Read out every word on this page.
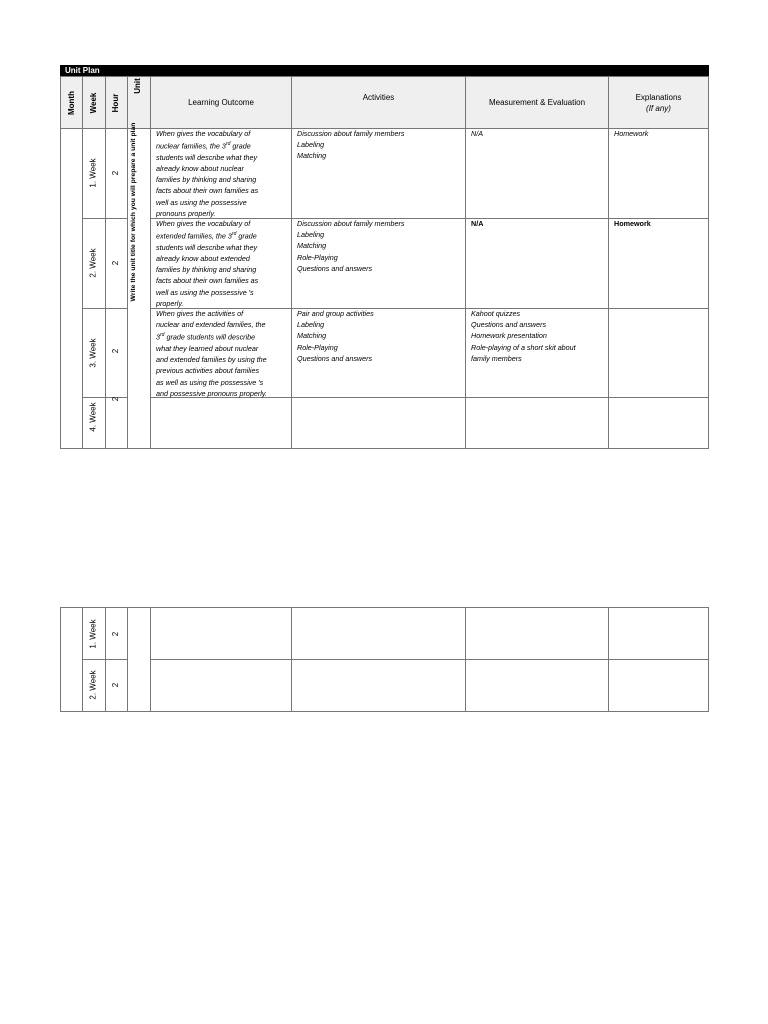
Unit Plan
Month Week Hour
Unit
Learning Outcome
Activities
Measurement & Evaluation
Explanations
(If any)
Write the unit title for which you will prepare a unit plan
1. Week 2
When gives the vocabulary of
nuclear families, the 3rd grade
students will describe what they
already know about nuclear
families by thinking and sharing
facts about their own families as
well as using the possessive
pronouns properly.
Discussion about family members
Labeling
Matching
N/A	Homework
2. Week 2
When gives the vocabulary of
extended families, the 3rd grade
students will describe what they
already know about extended
families by thinking and sharing
facts about their own families as
well as using the possessive 's
properly.
Discussion about family members
Labeling
Matching
Role-Playing
Questions and answers
N/A	Homework
3. Week 2
When gives the activities of
nuclear and extended families, the
3rd grade students will describe
what they learned about nuclear
and extended families by using the
previous activities about families
as well as using the possessive 's
and possessive pronouns properly.
Pair and group activities
Labeling
Matching
Role-Playing
Questions and answers
Kahoot quizzes
Questions and answers
Homework presentation
Role-playing of a short skit about
family members
4. Week
2
1. Week 2
2. Week 2
